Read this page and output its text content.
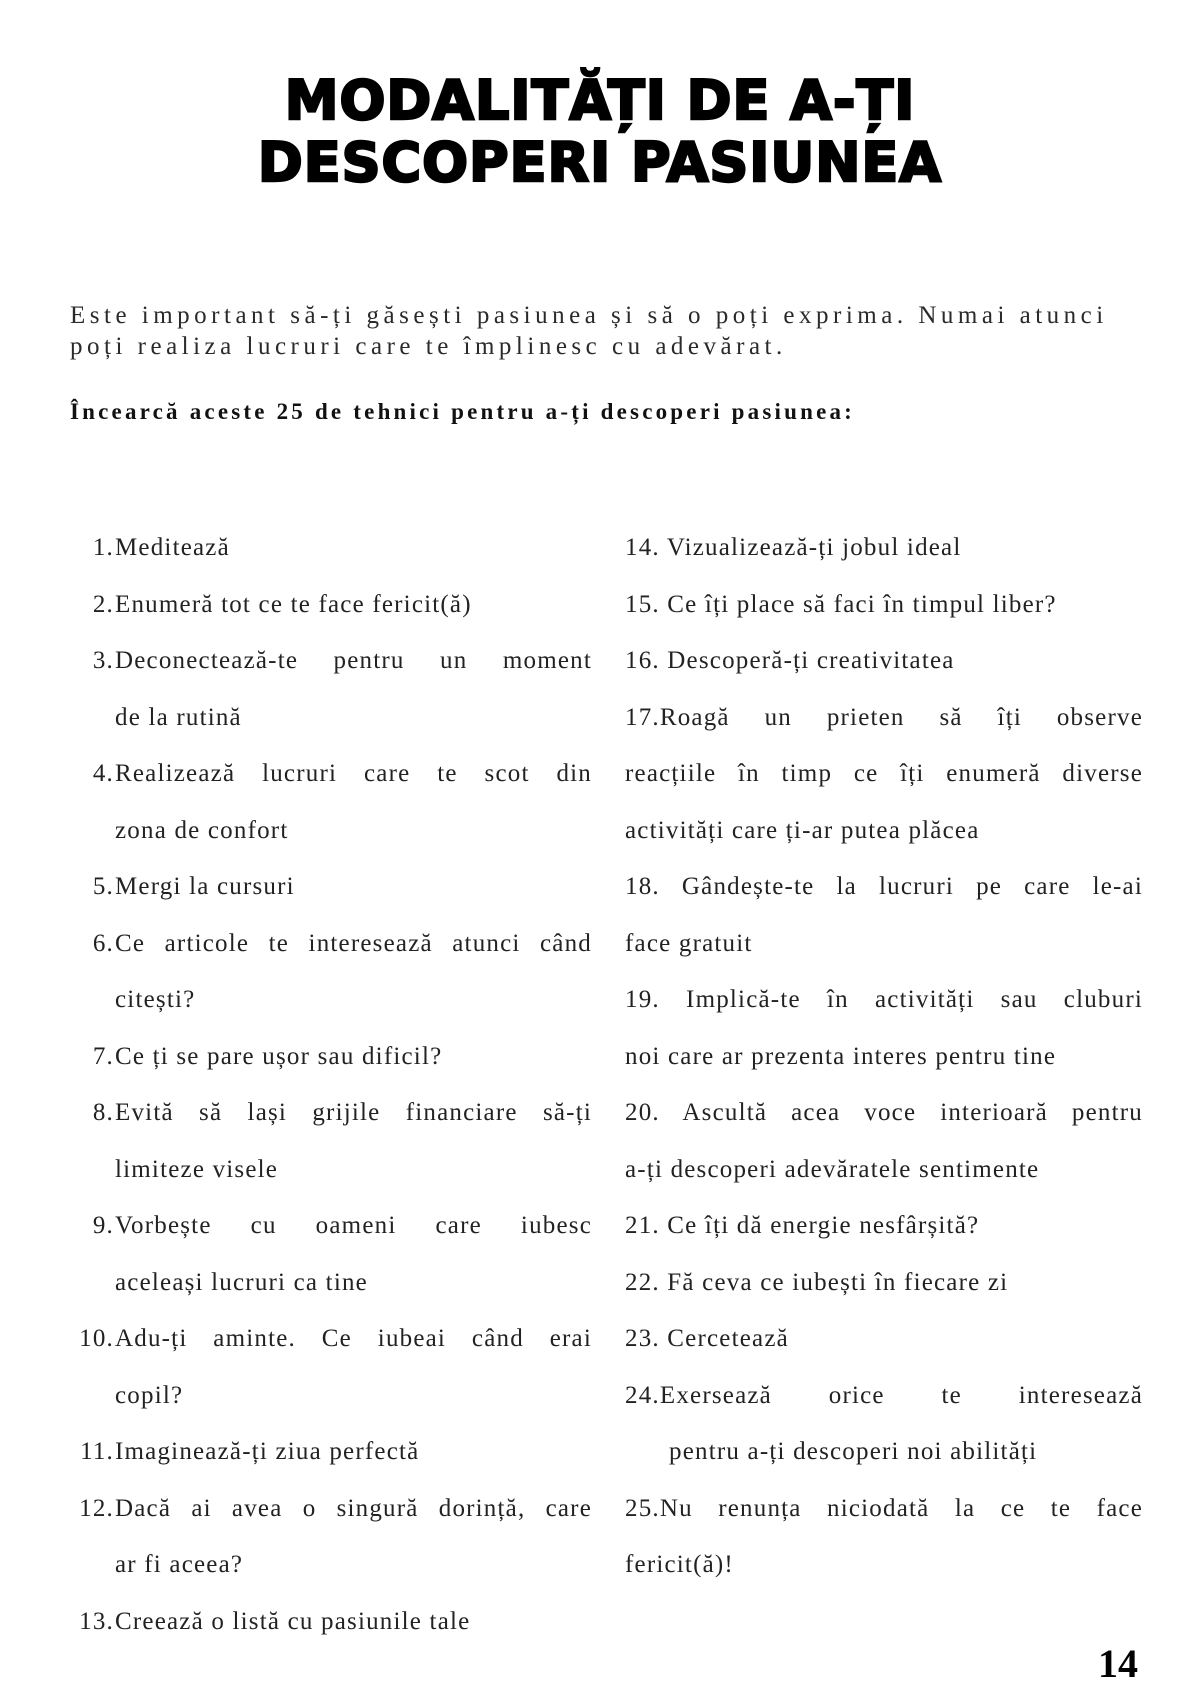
MODALITĂȚI DE A-ȚI
DESCOPERI PASIUNEA

Este important să-ți găsești pasiunea și să o poți exprima. Numai atunci poți realiza lucruri care te împlinesc cu adevărat.

Încearcă aceste 25 de tehnici pentru a-ți descoperi pasiunea:

1. Meditează
2. Enumeră tot ce te face fericit(ă)
3. Deconectează-te pentru un moment
de la rutină
4. Realizează lucruri care te scot din
zona de confort
5. Mergi la cursuri
6. Ce articole te interesează atunci când
citești?
7. Ce ți se pare ușor sau dificil?
8. Evită să lași grijile financiare să-ți
limiteze visele
9. Vorbește cu oameni care iubesc
aceleași lucruri ca tine
10. Adu-ți aminte. Ce iubeai când erai
copil?
11. Imaginează-ți ziua perfectă
12. Dacă ai avea o singură dorință, care
ar fi aceea?
13. Creează o listă cu pasiunile tale
14. Vizualizează-ți jobul ideal
15. Ce îți place să faci în timpul liber?
16. Descoperă-ți creativitatea
17.Roagă un prieten să îți observe
reacțiile în timp ce îți enumeră diverse
activități care ți-ar putea plăcea
18. Gândește-te la lucruri pe care le-ai
face gratuit
19. Implică-te în activități sau cluburi
noi care ar prezenta interes pentru tine
20. Ascultă acea voce interioară pentru
a-ți descoperi adevăratele sentimente
21. Ce îți dă energie nesfârșită?
22. Fă ceva ce iubești în fiecare zi
23. Cercetează
24.Exersează orice te interesează
pentru a-ți descoperi noi abilități
25.Nu renunța niciodată la ce te face
fericit(ă)!
14
